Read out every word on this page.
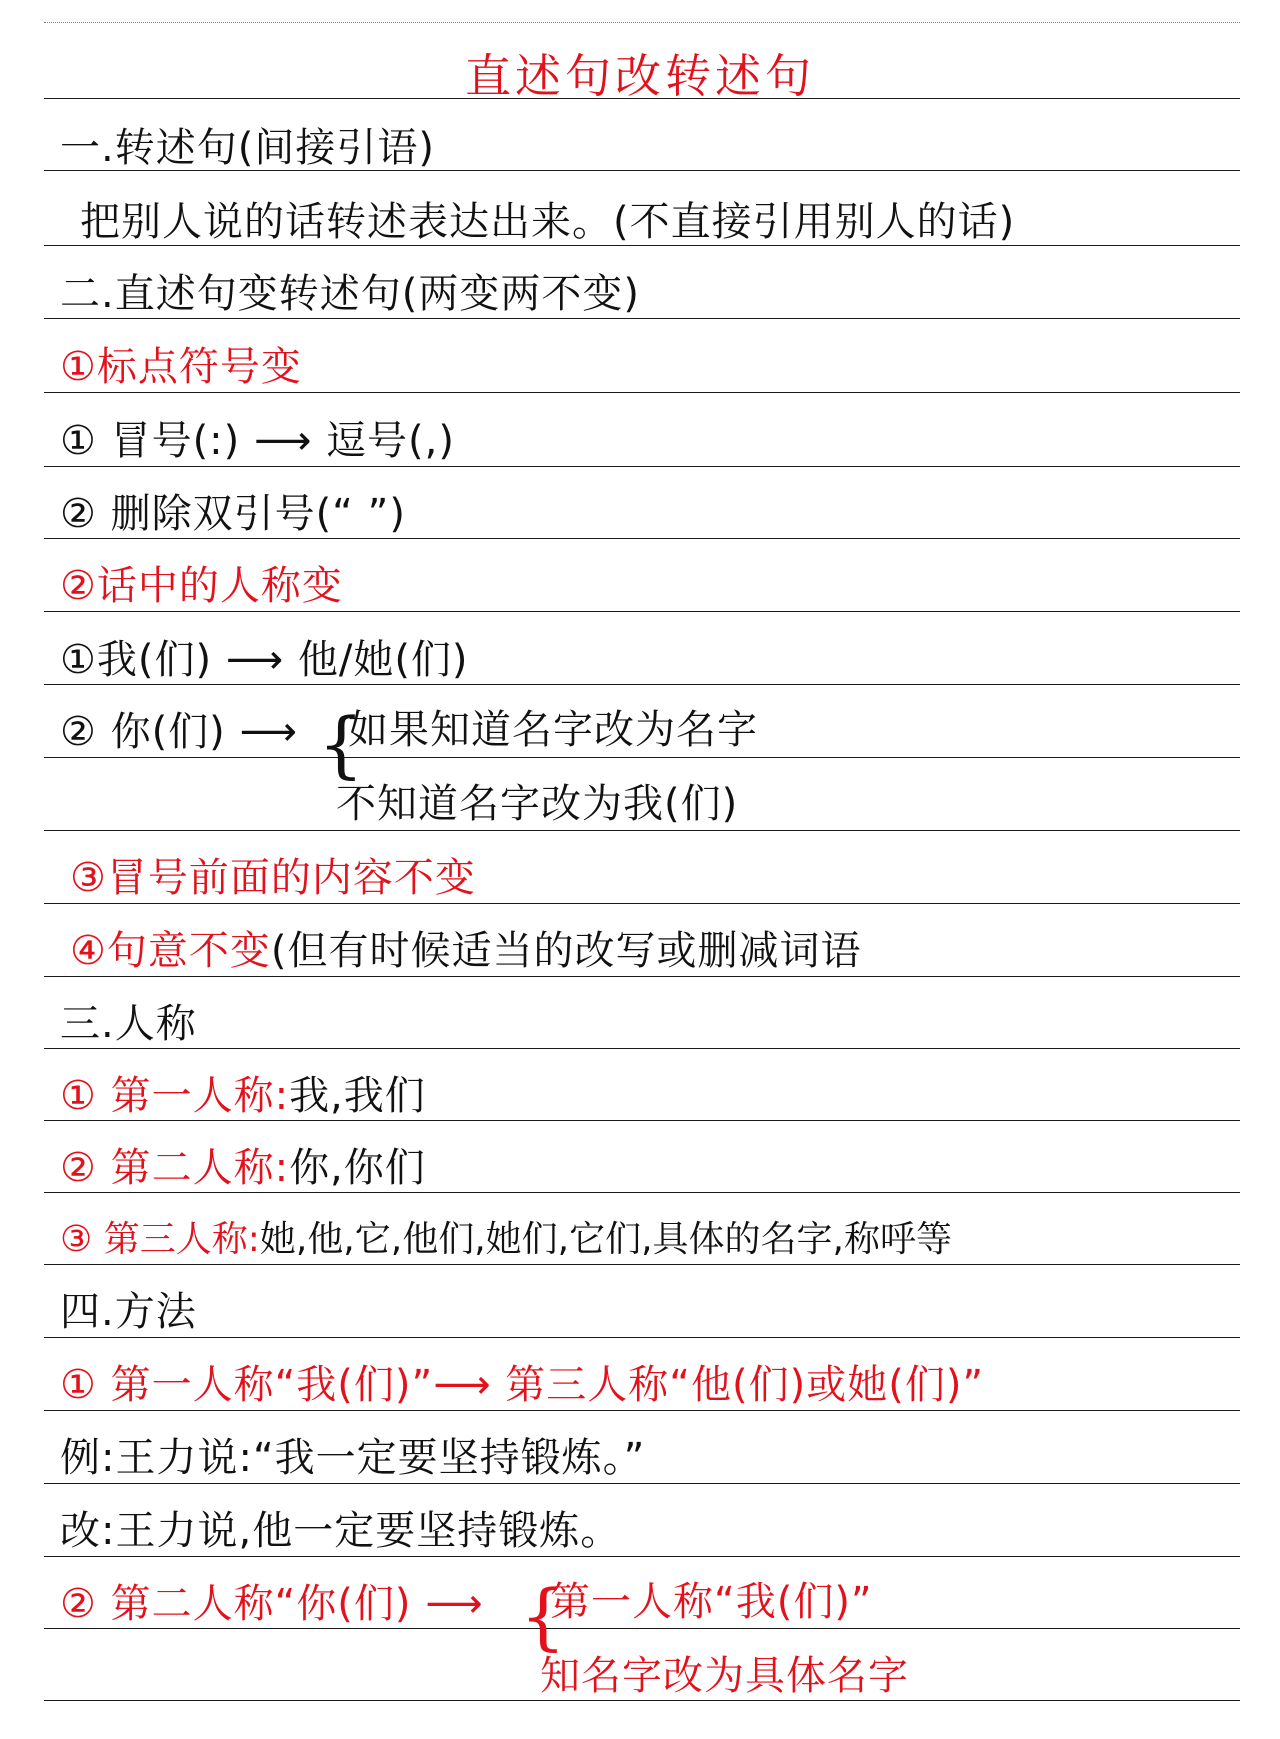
直述句改转述句
一.转述句(间接引语)
把别人说的话转述表达出来。(不直接引用别人的话)
二.直述句变转述句(两变两不变)
①标点符号变
① 冒号(:) ⟶ 逗号(,)
② 删除双引号(“ ”)
②话中的人称变
①我(们) ⟶ 他/她(们)
② 你(们) ⟶ {
如果知道名字改为名字
不知道名字改为我(们)
③冒号前面的内容不变
④句意不变(但有时候适当的改写或删减词语
三.人称
① 第一人称:我,我们
② 第二人称:你,你们
③ 第三人称:她,他,它,他们,她们,它们,具体的名字,称呼等
四.方法
① 第一人称“我(们)”⟶ 第三人称“他(们)或她(们)”
例:王力说:“我一定要坚持锻炼。”
改:王力说,他一定要坚持锻炼。
② 第二人称“你(们) ⟶ {
第一人称“我(们)”
知名字改为具体名字
